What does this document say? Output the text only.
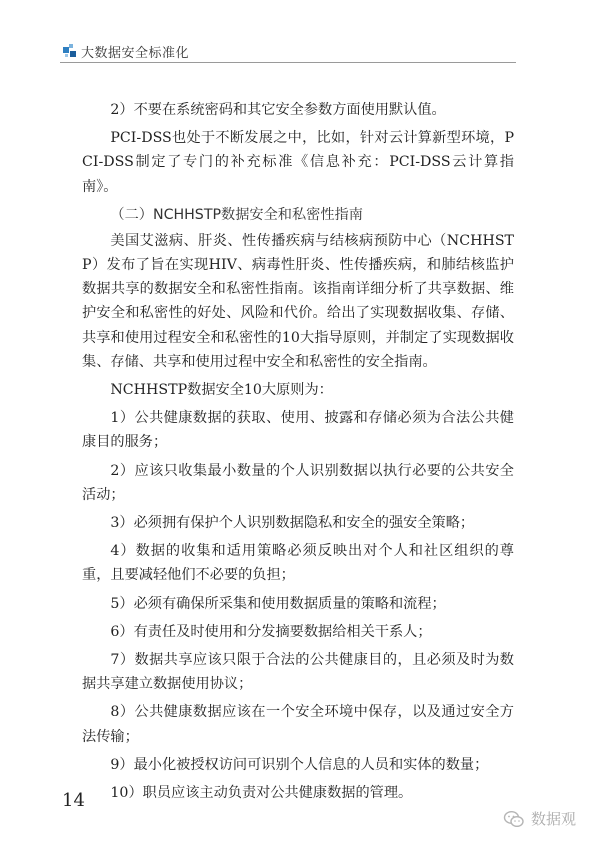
大数据安全标准化

2）不要在系统密码和其它安全参数方面使用默认值。

PCI-DSS也处于不断发展之中，比如，针对云计算新型环境，PCI-DSS制定了专门的补充标准《信息补充：PCI-DSS云计算指南》。

（二）NCHHSTP数据安全和私密性指南

美国艾滋病、肝炎、性传播疾病与结核病预防中心（NCHHSTP）发布了旨在实现HIV、病毒性肝炎、性传播疾病，和肺结核监护数据共享的数据安全和私密性指南。该指南详细分析了共享数据、维护安全和私密性的好处、风险和代价。给出了实现数据收集、存储、共享和使用过程安全和私密性的10大指导原则，并制定了实现数据收集、存储、共享和使用过程中安全和私密性的安全指南。

NCHHSTP数据安全10大原则为：

1）公共健康数据的获取、使用、披露和存储必须为合法公共健康目的服务；

2）应该只收集最小数量的个人识别数据以执行必要的公共安全活动；

3）必须拥有保护个人识别数据隐私和安全的强安全策略；

4）数据的收集和适用策略必须反映出对个人和社区组织的尊重，且要减轻他们不必要的负担；

5）必须有确保所采集和使用数据质量的策略和流程；

6）有责任及时使用和分发摘要数据给相关干系人；

7）数据共享应该只限于合法的公共健康目的，且必须及时为数据共享建立数据使用协议；

8）公共健康数据应该在一个安全环境中保存，以及通过安全方法传输；

9）最小化被授权访问可识别个人信息的人员和实体的数量；

10）职员应该主动负责对公共健康数据的管理。

14
数据观
